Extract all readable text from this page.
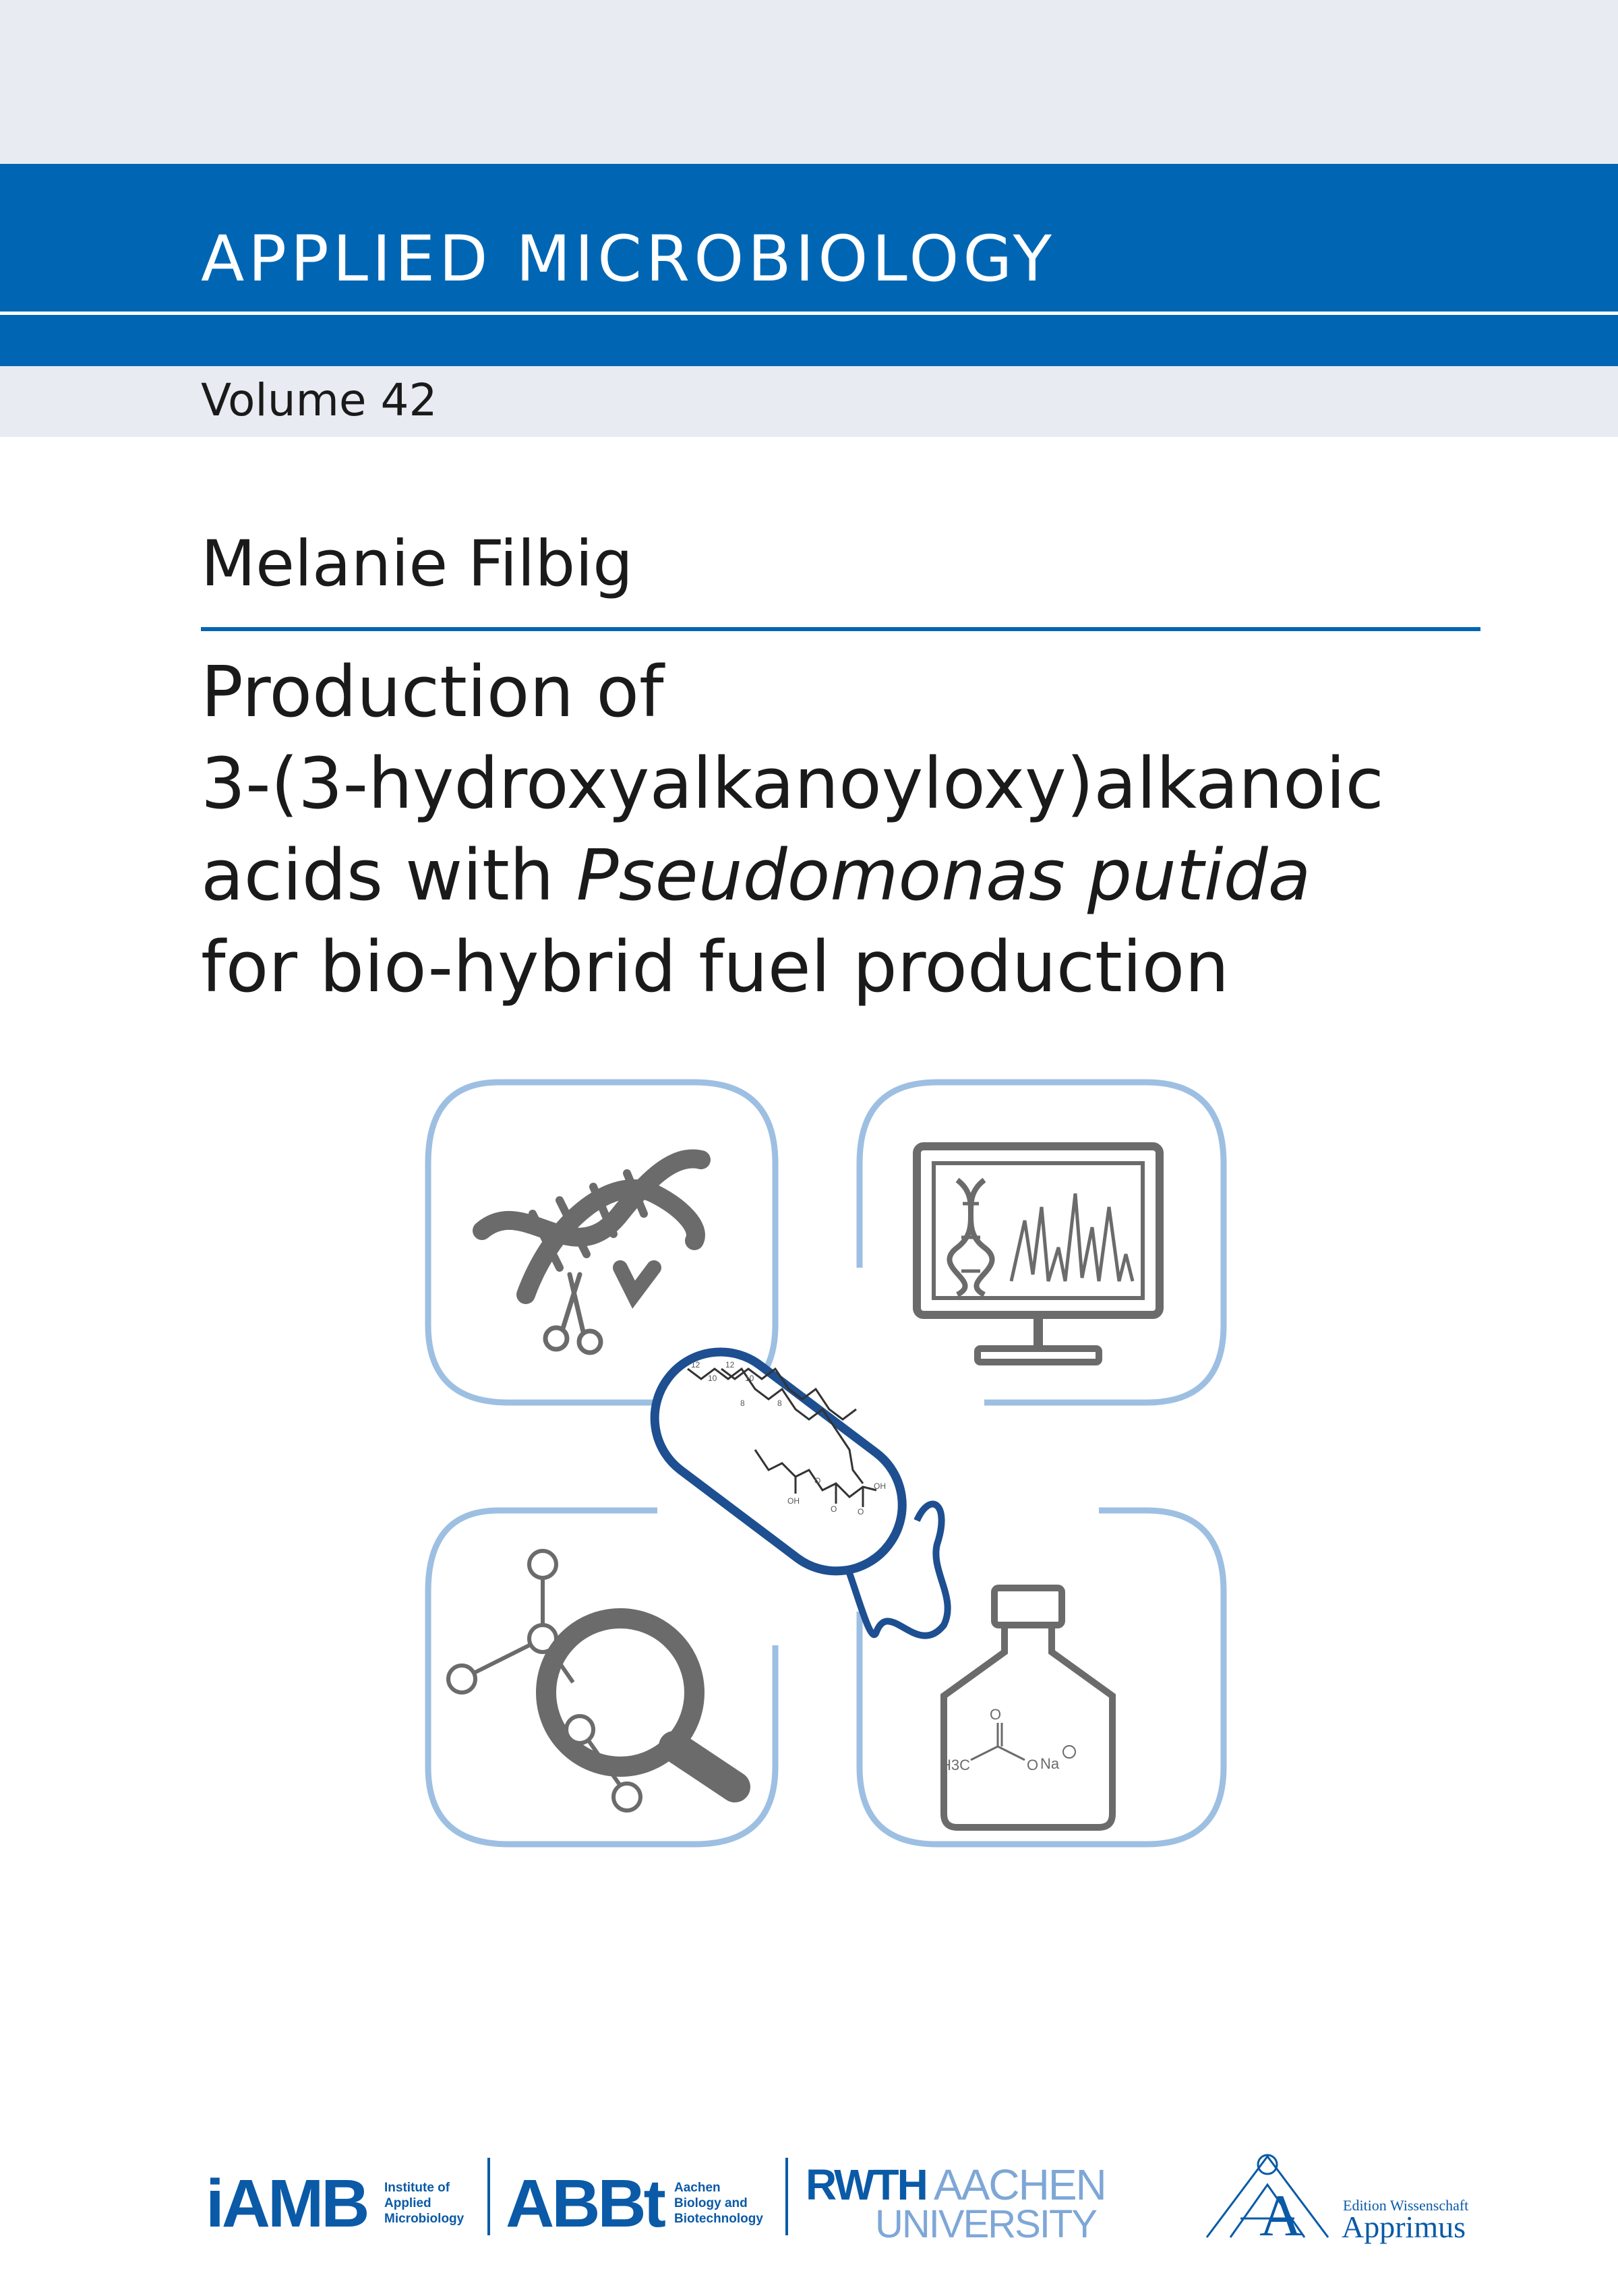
APPLIED MICROBIOLOGY
Volume 42
Melanie Filbig
Production of
3-(3-hydroxyalkanoyloxy)alkanoic
acids with Pseudomonas putida
for bio-hybrid fuel production
O
H3C	O Na
12
10
12
10
8	8
OH
O
O	O
OH
iAMB Institute of
Applied
Microbiology ABBt Aachen
Biology and
Biotechnology
RWTH AACHEN
UNIVERSITY	A	Edition Wissenschaft
Apprimus
